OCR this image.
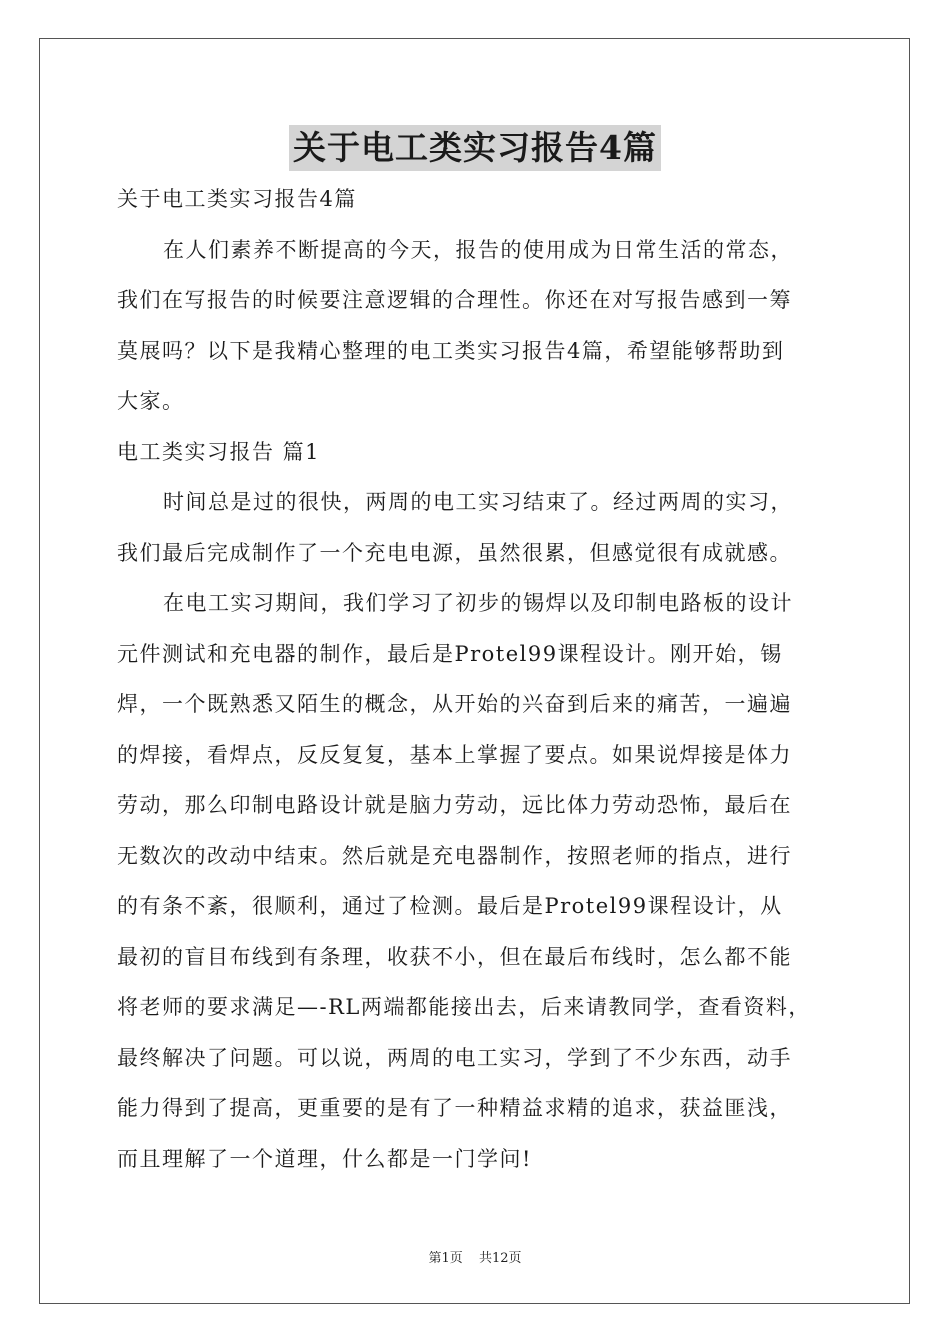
关于电工类实习报告4篇
关于电工类实习报告4篇
在人们素养不断提高的今天，报告的使用成为日常生活的常态，
我们在写报告的时候要注意逻辑的合理性。你还在对写报告感到一筹
莫展吗？以下是我精心整理的电工类实习报告4篇，希望能够帮助到
大家。
电工类实习报告 篇1
时间总是过的很快，两周的电工实习结束了。经过两周的实习，
我们最后完成制作了一个充电电源，虽然很累，但感觉很有成就感。
在电工实习期间，我们学习了初步的锡焊以及印制电路板的设计
元件测试和充电器的制作，最后是Protel99课程设计。刚开始，锡
焊，一个既熟悉又陌生的概念，从开始的兴奋到后来的痛苦，一遍遍
的焊接，看焊点，反反复复，基本上掌握了要点。如果说焊接是体力
劳动，那么印制电路设计就是脑力劳动，远比体力劳动恐怖，最后在
无数次的改动中结束。然后就是充电器制作，按照老师的指点，进行
的有条不紊，很顺利，通过了检测。最后是Protel99课程设计，从
最初的盲目布线到有条理，收获不小，但在最后布线时，怎么都不能
将老师的要求满足—-RL两端都能接出去，后来请教同学，查看资料，
最终解决了问题。可以说，两周的电工实习，学到了不少东西，动手
能力得到了提高，更重要的是有了一种精益求精的追求，获益匪浅，
而且理解了一个道理，什么都是一门学问!
第1页 共12页
